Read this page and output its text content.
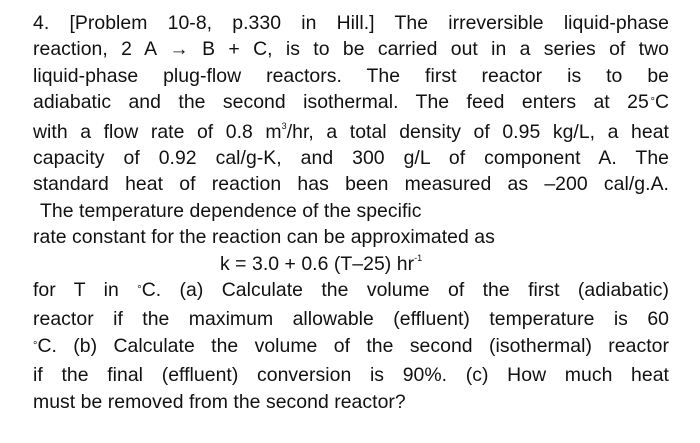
4. [Problem 10-8, p.330 in Hill.] The irreversible liquid-phase
reaction, 2 A → B + C, is to be carried out in a series of two
liquid-phase plug-flow reactors. The first reactor is to be
adiabatic and the second isothermal. The feed enters at 25  °C
with a flow rate of 0.8 $m^3/hr$, a total density of 0.95 kg/L, a heat
capacity of 0.92 cal/g-K, and 300 g/L of component A. The
standard heat of reaction has been measured as –200 cal/g.A.
The temperature dependence of the specific
rate constant for the reaction can be approximated as
k = 3.0 + 0.6 (T–25) $hr^{-1}$
for T in °C. (a) Calculate the volume of the first (adiabatic)
reactor if the maximum allowable (effluent) temperature is 60
°C. (b) Calculate the volume of the second (isothermal) reactor
if the final (effluent) conversion is 90%. (c) How much heat
must be removed from the second reactor?
